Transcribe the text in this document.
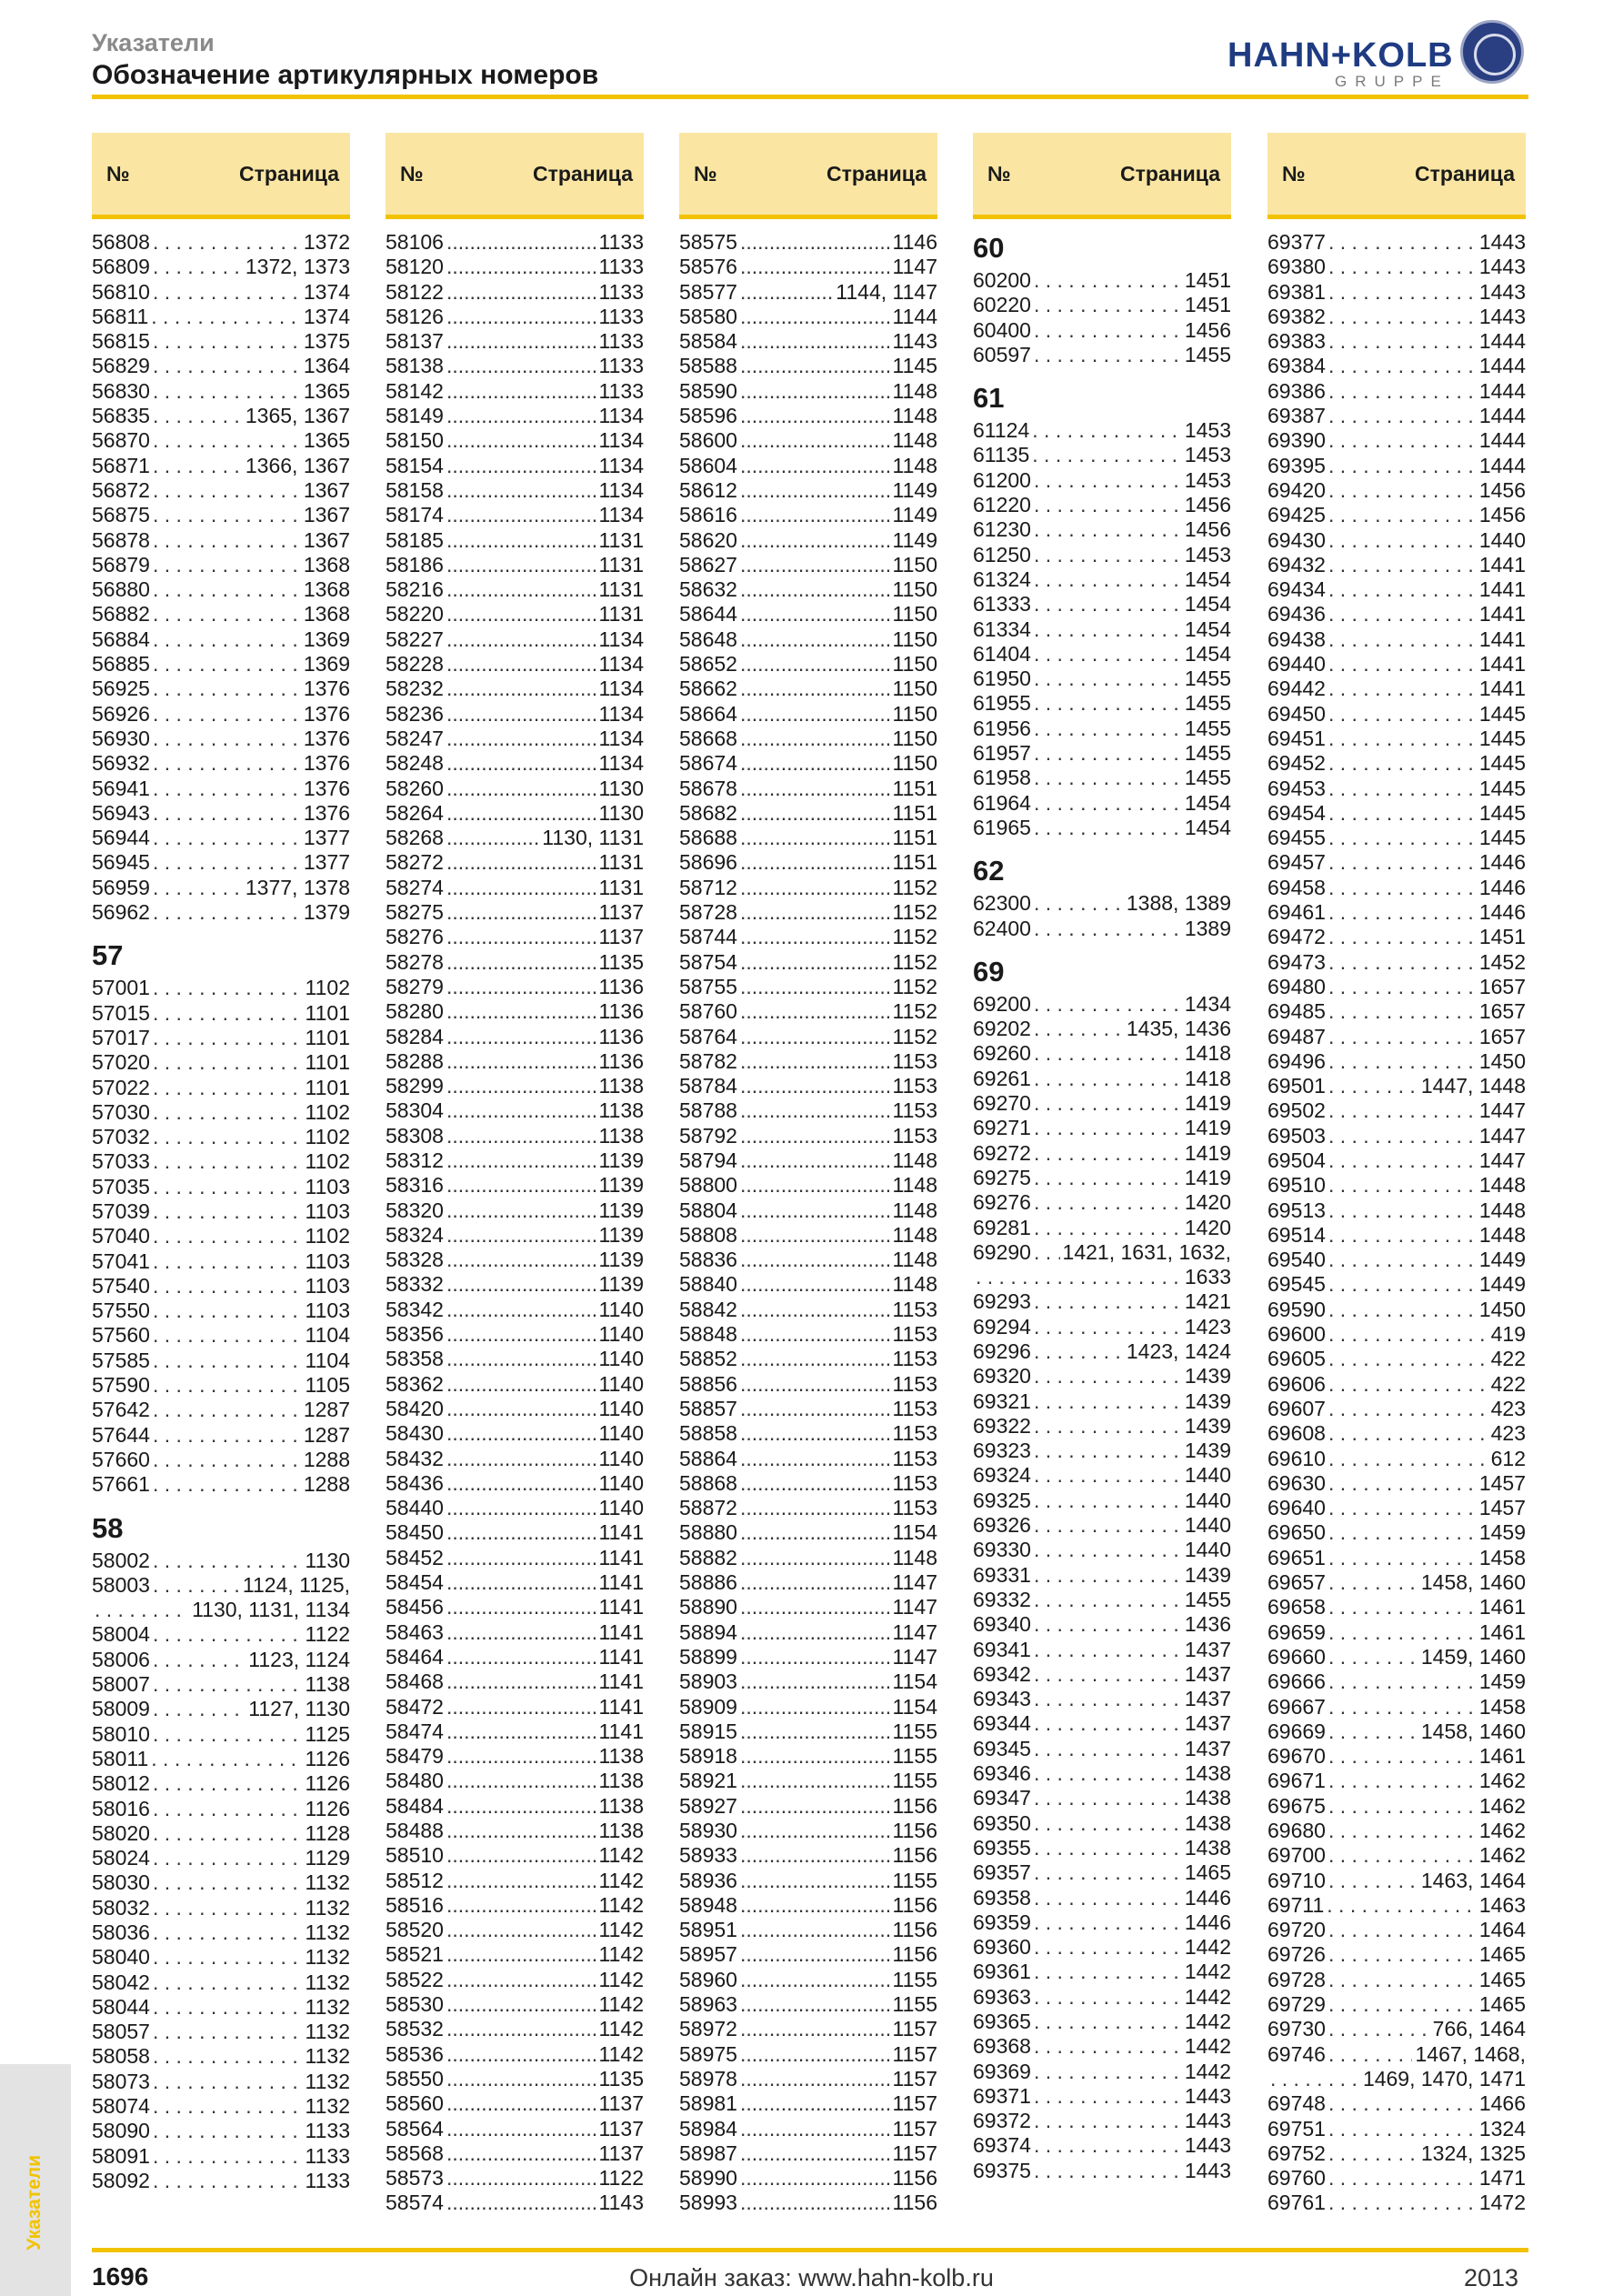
Указатели
Обозначение артикулярных номеров
HAHN+KOLB
GRUPPE
№	Страница
56808 . . .	1372
56809 . . .	1372, 1373
56810 . . .	1374
56811 . . .	1374
56815 . . .	1375
56829 . . .	1364
56830 . . .	1365
56835 . . .	1365, 1367
56870 . . .	1365
56871 . . .	1366, 1367
56872 . . .	1367
56875 . . .	1367
56878 . . .	1367
56879 . . .	1368
56880 . . .	1368
56882 . . .	1368
56884 . . .	1369
56885 . . .	1369
56925 . . .	1376
56926 . . .	1376
56930 . . .	1376
56932 . . .	1376
56941 . . .	1376
56943 . . .	1376
56944 . . .	1377
56945 . . .	1377
56959 . . .	1377, 1378
56962 . . .	1379
57
57001 . . .	1102
57015 . . .	1101
57017 . . .	1101
57020 . . .	1101
57022 . . .	1101
57030 . . .	1102
57032 . . .	1102
57033 . . .	1102
57035 . . .	1103
57039 . . .	1103
57040 . . .	1102
57041 . . .	1103
57540 . . .	1103
57550 . . .	1103
57560 . . .	1104
57585 . . .	1104
57590 . . .	1105
57642 . . .	1287
57644 . . .	1287
57660 . . .	1288
57661 . . .	1288
58
58002 . . .	1130
58003 . . .	1124, 1125,
. . .
1130, 1131, 1134
58004 . . .	1122
58006 . . .	1123, 1124
58007 . . .	1138
58009 . . .	1127, 1130
58010 . . .	1125
58011 . . .	1126
58012 . . .	1126
58016 . . .	1126
58020 . . .	1128
58024 . . .	1129
58030 . . .	1132
58032 . . .	1132
58036 . . .	1132
58040 . . .	1132
58042 . . .	1132
58044 . . .	1132
58057 . . .	1132
58058 . . .	1132
58073 . . .	1132
58074 . . .	1132
58090 . . .	1133
58091 . . .	1133
58092 . . .	1133
№	Страница
58106 .....	1133
58120 .....	1133
58122 .....	1133
58126 .....	1133
58137 .....	1133
58138 .....	1133
58142 .....	1133
58149 .....	1134
58150 .....	1134
58154 .....	1134
58158 .....	1134
58174 .....	1134
58185 .....	1131
58186 .....	1131
58216 .....	1131
58220 .....	1131
58227 .....	1134
58228 .....	1134
58232 .....	1134
58236 .....	1134
58247 .....	1134
58248 .....	1134
58260 .....	1130
58264 .....	1130
58268 .....	1130, 1131
58272 .....	1131
58274 .....	1131
58275 .....	1137
58276 .....	1137
58278 .....	1135
58279 .....	1136
58280 .....	1136
58284 .....	1136
58288 .....	1136
58299 .....	1138
58304 .....	1138
58308 .....	1138
58312 .....	1139
58316 .....	1139
58320 .....	1139
58324 .....	1139
58328 .....	1139
58332 .....	1139
58342 .....	1140
58356 .....	1140
58358 .....	1140
58362 .....	1140
58420 .....	1140
58430 .....	1140
58432 .....	1140
58436 .....	1140
58440 .....	1140
58450 .....	1141
58452 .....	1141
58454 .....	1141
58456 .....	1141
58463 .....	1141
58464 .....	1141
58468 .....	1141
58472 .....	1141
58474 .....	1141
58479 .....	1138
58480 .....	1138
58484 .....	1138
58488 .....	1138
58510 .....	1142
58512 .....	1142
58516 .....	1142
58520 .....	1142
58521 .....	1142
58522 .....	1142
58530 .....	1142
58532 .....	1142
58536 .....	1142
58550 .....	1135
58560 .....	1137
58564 .....	1137
58568 .....	1137
58573 .....	1122
58574 .....	1143
№	Страница
58575 .....	1146
58576 .....	1147
58577 .....	1144, 1147
58580 .....	1144
58584 .....	1143
58588 .....	1145
58590 .....	1148
58596 .....	1148
58600 .....	1148
58604 .....	1148
58612 .....	1149
58616 .....	1149
58620 .....	1149
58627 .....	1150
58632 .....	1150
58644 .....	1150
58648 .....	1150
58652 .....	1150
58662 .....	1150
58664 .....	1150
58668 .....	1150
58674 .....	1150
58678 .....	1151
58682 .....	1151
58688 .....	1151
58696 .....	1151
58712 .....	1152
58728 .....	1152
58744 .....	1152
58754 .....	1152
58755 .....	1152
58760 .....	1152
58764 .....	1152
58782 .....	1153
58784 .....	1153
58788 .....	1153
58792 .....	1153
58794 .....	1148
58800 .....	1148
58804 .....	1148
58808 .....	1148
58836 .....	1148
58840 .....	1148
58842 .....	1153
58848 .....	1153
58852 .....	1153
58856 .....	1153
58857 .....	1153
58858 .....	1153
58864 .....	1153
58868 .....	1153
58872 .....	1153
58880 .....	1154
58882 .....	1148
58886 .....	1147
58890 .....	1147
58894 .....	1147
58899 .....	1147
58903 .....	1154
58909 .....	1154
58915 .....	1155
58918 .....	1155
58921 .....	1155
58927 .....	1156
58930 .....	1156
58933 .....	1156
58936 .....	1155
58948 .....	1156
58951 .....	1156
58957 .....	1156
58960 .....	1155
58963 .....	1155
58972 .....	1157
58975 .....	1157
58978 .....	1157
58981 .....	1157
58984 .....	1157
58987 .....	1157
58990 .....	1156
58993 .....	1156
№	Страница
60
60200 . . .	1451
60220 . . .	1451
60400 . . .	1456
60597 . . .	1455
61
61124 . . .	1453
61135 . . .	1453
61200 . . .	1453
61220 . . .	1456
61230 . . .	1456
61250 . . .	1453
61324 . . .	1454
61333 . . .	1454
61334 . . .	1454
61404 . . .	1454
61950 . . .	1455
61955 . . .	1455
61956 . . .	1455
61957 . . .	1455
61958 . . .	1455
61964 . . .	1454
61965 . . .	1454
62
62300 . . .	1388, 1389
62400 . . .	1389
69
69200 . . .	1434
69202 . . .	1435, 1436
69260 . . .	1418
69261 . . .	1418
69270 . . .	1419
69271 . . .	1419
69272 . . .	1419
69275 . . .	1419
69276 . . .	1420
69281 . . .	1420
69290 . . . 1421, 1631, 1632,
. . .
1633
69293 . . .	1421
69294 . . .	1423
69296 . . .	1423, 1424
69320 . . .	1439
69321 . . .	1439
69322 . . .	1439
69323 . . .	1439
69324 . . .	1440
69325 . . .	1440
69326 . . .	1440
69330 . . .	1440
69331 . . .	1439
69332 . . .	1455
69340 . . .	1436
69341 . . .	1437
69342 . . .	1437
69343 . . .	1437
69344 . . .	1437
69345 . . .	1437
69346 . . .	1438
69347 . . .	1438
69350 . . .	1438
69355 . . .	1438
69357 . . .	1465
69358 . . .	1446
69359 . . .	1446
69360 . . .	1442
69361 . . .	1442
69363 . . .	1442
69365 . . .	1442
69368 . . .	1442
69369 . . .	1442
69371 . . .	1443
69372 . . .	1443
69374 . . .	1443
69375 . . .	1443
№	Страница
69377 . . .	1443
69380 . . .	1443
69381 . . .	1443
69382 . . .	1443
69383 . . .	1444
69384 . . .	1444
69386 . . .	1444
69387 . . .	1444
69390 . . .	1444
69395 . . .	1444
69420 . . .	1456
69425 . . .	1456
69430 . . .	1440
69432 . . .	1441
69434 . . .	1441
69436 . . .	1441
69438 . . .	1441
69440 . . .	1441
69442 . . .	1441
69450 . . .	1445
69451 . . .	1445
69452 . . .	1445
69453 . . .	1445
69454 . . .	1445
69455 . . .	1445
69457 . . .	1446
69458 . . .	1446
69461 . . .	1446
69472 . . .	1451
69473 . . .	1452
69480 . . .	1657
69485 . . .	1657
69487 . . .	1657
69496 . . .	1450
69501 . . .	1447, 1448
69502 . . .	1447
69503 . . .	1447
69504 . . .	1447
69510 . . .	1448
69513 . . .	1448
69514 . . .	1448
69540 . . .	1449
69545 . . .	1449
69590 . . .	1450
69600 . . .	419
69605 . . .	422
69606 . . .	422
69607 . . .	423
69608 . . .	423
69610 . . .	612
69630 . . .	1457
69640 . . .	1457
69650 . . .	1459
69651 . . .	1458
69657 . . .	1458, 1460
69658 . . .	1461
69659 . . .	1461
69660 . . .	1459, 1460
69666 . . .	1459
69667 . . .	1458
69669 . . .	1458, 1460
69670 . . .	1461
69671 . . .	1462
69675 . . .	1462
69680 . . .	1462
69700 . . .	1462
69710 . . .	1463, 1464
69711 . . .	1463
69720 . . .	1464
69726 . . .	1465
69728 . . .	1465
69729 . . .	1465
69730 . . .	766, 1464
69746 . . .	1467, 1468,
. . .
1469, 1470, 1471
69748 . . .	1466
69751 . . .	1324
69752 . . .	1324, 1325
69760 . . .	1471
69761 . . .	1472
Указатели
1696	Онлайн заказ: www.hahn-kolb.ru	2013
